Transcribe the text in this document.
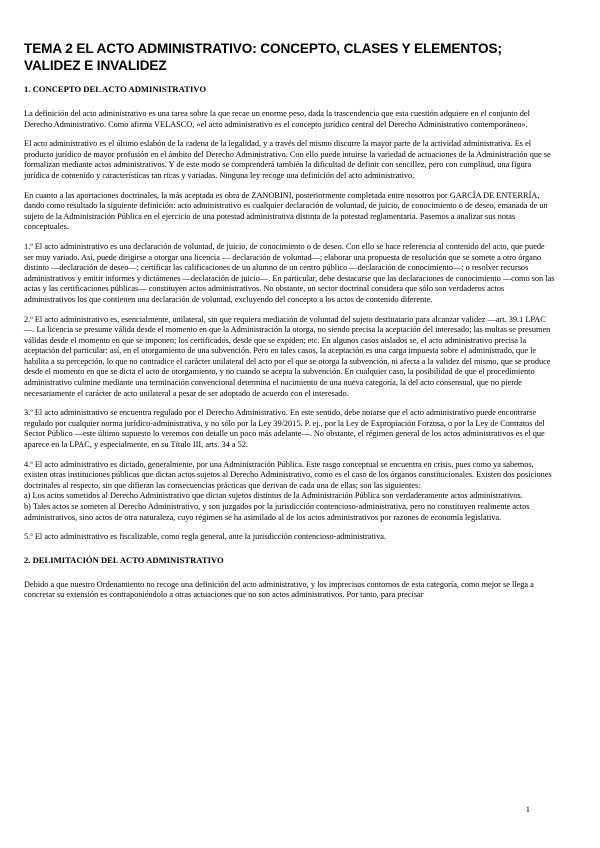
TEMA 2 EL ACTO ADMINISTRATIVO: CONCEPTO, CLASES Y ELEMENTOS; VALIDEZ E INVALIDEZ
1. CONCEPTO DEL ACTO ADMINISTRATIVO

La definición del acto administrativo es una tarea sobre la que recae un enorme peso, dada la trascendencia que esta cuestión adquiere en el conjunto del Derecho Administrativo. Como afirma VELASCO, «el acto administrativo es el concepto jurídico central del Derecho Administrativo contemporáneo».

El acto administrativo es el último eslabón de la cadena de la legalidad, y a través del mismo discurre la mayor parte de la actividad administrativa. Es el producto jurídico de mayor profusión en el ámbito del Derecho Administrativo. Con ello puede intuirse la variedad de actuaciones de la Administración que se formalizan mediante actos administrativos. Y de este modo se comprenderá también la dificultad de definir con sencillez, pero con cumplitud, una figura jurídica de contenido y características tan ricas y variadas. Ninguna ley recoge una definición del acto administrativo.

En cuanto a las aportaciones doctrinales, la más aceptada es obra de ZANOBINI, posteriormente completada entre nosotros por GARCÍA DE ENTERRÍA, dando como resultado la siguiente definición: acto administrativo es cualquier declaración de voluntad, de juicio, de conocimiento o de deseo, emanada de un sujeto de la Administración Pública en el ejercicio de una potestad administrativa distinta de la potestad reglamentaria. Pasemos a analizar sus notas conceptuales.

1.º El acto administrativo es una declaración de voluntad, de juicio, de conocimiento o de deseo. Con ello se hace referencia al contenido del acto, que puede ser muy variado. Así, puede dirigirse a otorgar una licencia — declaración de voluntad—; elaborar una propuesta de resolución que se somete a otro órgano distinto —declaración de deseo—; certificar las calificaciones de un alumno de un centro público —declaración de conocimiento—; o resolver recursos administrativos y emitir informes y dictámenes —declaración de juicio—. En particular, debe destacarse que las declaraciones de conocimiento —como son las actas y las certificaciones públicas— constituyen actos administrativos. No obstante, un sector doctrinal considera que sólo son verdaderos actos administrativos los que contienen una declaración de voluntad, excluyendo del concepto a los actos de contenido diferente.

2.º El acto administrativo es, esencialmente, unilateral, sin que requiera mediación de voluntad del sujeto destinatario para alcanzar validez —art. 39.1 LPAC—. La licencia se presume válida desde el momento en que la Administración la otorga, no siendo precisa la aceptación del interesado; las multas se presumen válidas desde el momento en que se imponen; los certificados, desde que se expiden; etc. En algunos casos aislados se, el acto administrativo precisa la aceptación del particular: así, en el otorgamiento de una subvención. Pero en tales casos, la aceptación es una carga impuesta sobre el administrado, que le habilita a su percepción, lo que no contradice el carácter unilateral del acto por el que se otorga la subvención, ni afecta a la validez del mismo, que se produce desde el momento en que se dicta el acto de otorgamiento, y no cuando se acepta la subvención. En cualquier caso, la posibilidad de que el procedimiento administrativo culmine mediante una terminación convencional determina el nacimiento de una nueva categoría, la del acto consensual, que no pierde necesariamente el carácter de acto unilateral a pesar de ser adoptado de acuerdo con el interesado.

3.º El acto administrativo se encuentra regulado por el Derecho Administrativo. En este sentido, debe notarse que el acto administrativo puede encontrarse regulado por cualquier norma jurídico-administrativa, y no sólo por la Ley 39/2015. P. ej., por la Ley de Expropiación Forzosa, o por la Ley de Contratos del Sector Público —este último supuesto lo veremos con detalle un poco más adelante—. No obstante, el régimen general de los actos administrativos es el que aparece en la LPAC, y especialmente, en su Título III, arts. 34 a 52.

4.º El acto administrativo es dictado, generalmente, por una Administración Pública. Este rasgo conceptual se encuentra en crisis, pues como ya sabemos, existen otras instituciones públicas que dictan actos sujetos al Derecho Administrativo, como es el caso de los órganos constitucionales. Existen dos posiciones doctrinales al respecto, sin que difieran las consecuencias prácticas que derivan de cada una de ellas; son las siguientes:
a) Los actos sometidos al Derecho Administrativo que dictan sujetos distintos de la Administración Pública son verdaderamente actos administrativos.
b) Tales actos se someten al Derecho Administrativo, y son juzgados por la jurisdicción contencioso-administrativa, pero no constituyen realmente actos administrativos, sino actos de otra naturaleza, cuyo régimen se ha asimilado al de los actos administrativos por razones de economía legislativa.

5.º El acto administrativo es fiscalizable, como regla general, ante la jurisdicción contencioso-administrativa.

2. DELIMITACIÓN DEL ACTO ADMINISTRATIVO

Debido a que nuestro Ordenamiento no recoge una definición del acto administrativo, y los imprecisos contornos de esta categoría, como mejor se llega a concretar su extensión es contraponiéndolo a otras actuaciones que no son actos administrativos. Por tanto, para precisar

1
